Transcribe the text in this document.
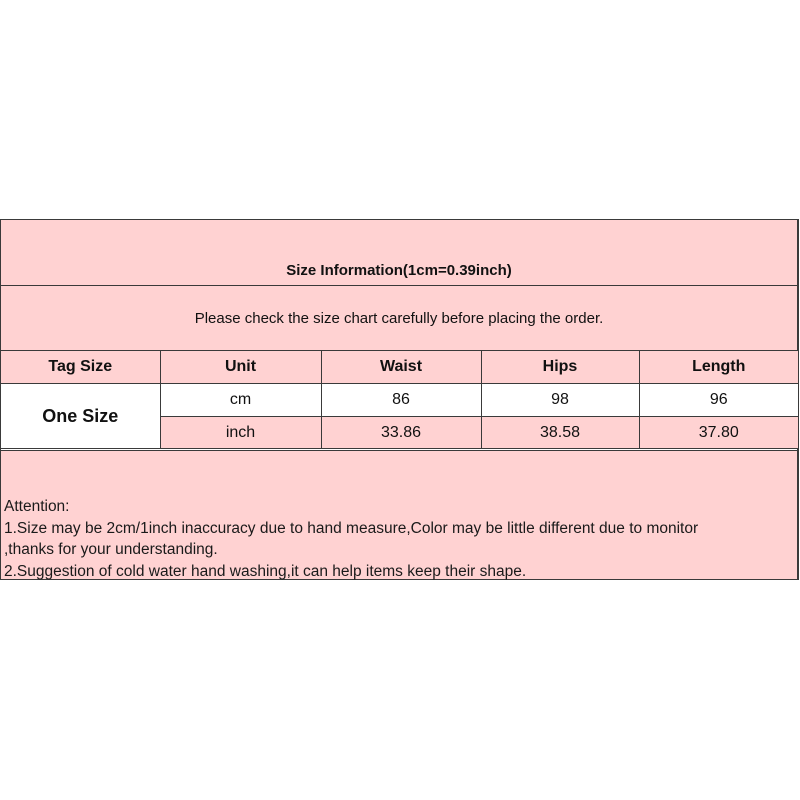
Size Information(1cm=0.39inch)
Please check the size chart carefully before placing the order.
Tag Size	Unit	Waist	Hips	Length
One Size	cm	86	98	96
	inch	33.86	38.58	37.80
Attention:
1.Size may be 2cm/1inch inaccuracy due to hand measure,Color may be little different due to monitor
,thanks for your understanding.
2.Suggestion of cold water hand washing,it can help items keep their shape.
